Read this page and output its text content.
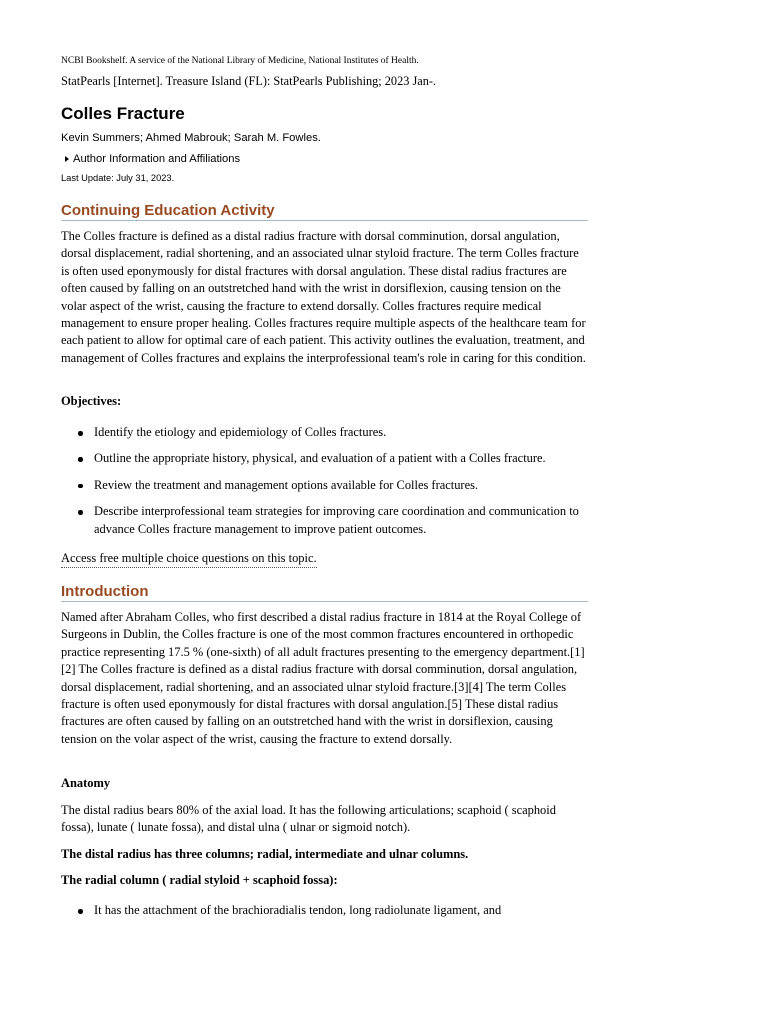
NCBI Bookshelf. A service of the National Library of Medicine, National Institutes of Health.

StatPearls [Internet]. Treasure Island (FL): StatPearls Publishing; 2023 Jan-.

Colles Fracture
Kevin Summers; Ahmed Mabrouk; Sarah M. Fowles.
Author Information and Affiliations
Last Update: July 31, 2023.
Continuing Education Activity

The Colles fracture is defined as a distal radius fracture with dorsal comminution, dorsal angulation, dorsal displacement, radial shortening, and an associated ulnar styloid fracture. The term Colles fracture is often used eponymously for distal fractures with dorsal angulation. These distal radius fractures are often caused by falling on an outstretched hand with the wrist in dorsiflexion, causing tension on the volar aspect of the wrist, causing the fracture to extend dorsally. Colles fractures require medical management to ensure proper healing. Colles fractures require multiple aspects of the healthcare team for each patient to allow for optimal care of each patient. This activity outlines the evaluation, treatment, and management of Colles fractures and explains the interprofessional team's role in caring for this condition.

Objectives:

Identify the etiology and epidemiology of Colles fractures.
Outline the appropriate history, physical, and evaluation of a patient with a Colles fracture.
Review the treatment and management options available for Colles fractures.
Describe interprofessional team strategies for improving care coordination and communication to advance Colles fracture management to improve patient outcomes.
Access free multiple choice questions on this topic.
Introduction

Named after Abraham Colles, who first described a distal radius fracture in 1814 at the Royal College of Surgeons in Dublin, the Colles fracture is one of the most common fractures encountered in orthopedic practice representing 17.5 % (one-sixth) of all adult fractures presenting to the emergency department.[1][2] The Colles fracture is defined as a distal radius fracture with dorsal comminution, dorsal angulation, dorsal displacement, radial shortening, and an associated ulnar styloid fracture.[3][4] The term Colles fracture is often used eponymously for distal fractures with dorsal angulation.[5] These distal radius fractures are often caused by falling on an outstretched hand with the wrist in dorsiflexion, causing tension on the volar aspect of the wrist, causing the fracture to extend dorsally.

Anatomy

The distal radius bears 80% of the axial load. It has the following articulations; scaphoid ( scaphoid fossa), lunate ( lunate fossa), and distal ulna ( ulnar or sigmoid notch).

The distal radius has three columns; radial, intermediate and ulnar columns.

The radial column ( radial styloid + scaphoid fossa):

It has the attachment of the brachioradialis tendon, long radiolunate ligament, and
